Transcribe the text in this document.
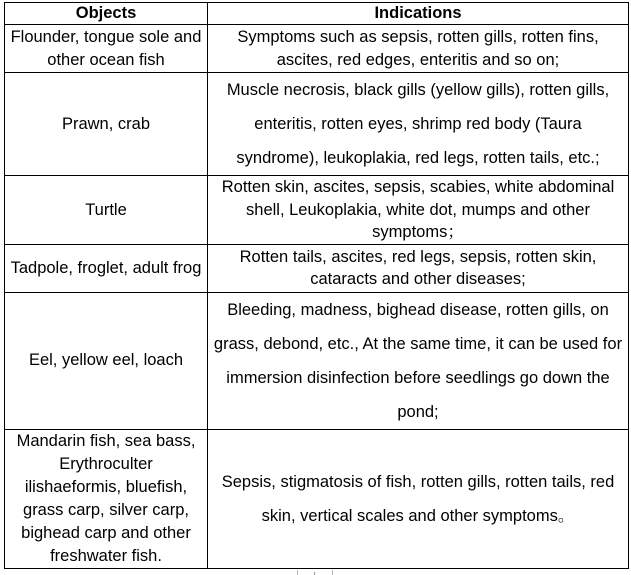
Objects	Indications
Flounder, tongue sole and other ocean fish	Symptoms such as sepsis, rotten gills, rotten fins, ascites, red edges, enteritis and so on;
Prawn, crab	Muscle necrosis, black gills (yellow gills), rotten gills, enteritis, rotten eyes, shrimp red body (Taura syndrome), leukoplakia, red legs, rotten tails, etc.;
Turtle	Rotten skin, ascites, sepsis, scabies, white abdominal shell, Leukoplakia, white dot, mumps and other symptoms；
Tadpole, froglet, adult frog	Rotten tails, ascites, red legs, sepsis, rotten skin, cataracts and other diseases;
Eel, yellow eel, loach	Bleeding, madness, bighead disease, rotten gills, on grass, debond, etc., At the same time, it can be used for immersion disinfection before seedlings go down the pond;
Mandarin fish, sea bass, Erythroculter ilishaeformis, bluefish, grass carp, silver carp, bighead carp and other freshwater fish.	Sepsis, stigmatosis of fish, rotten gills, rotten tails, red skin, vertical scales and other symptoms。
